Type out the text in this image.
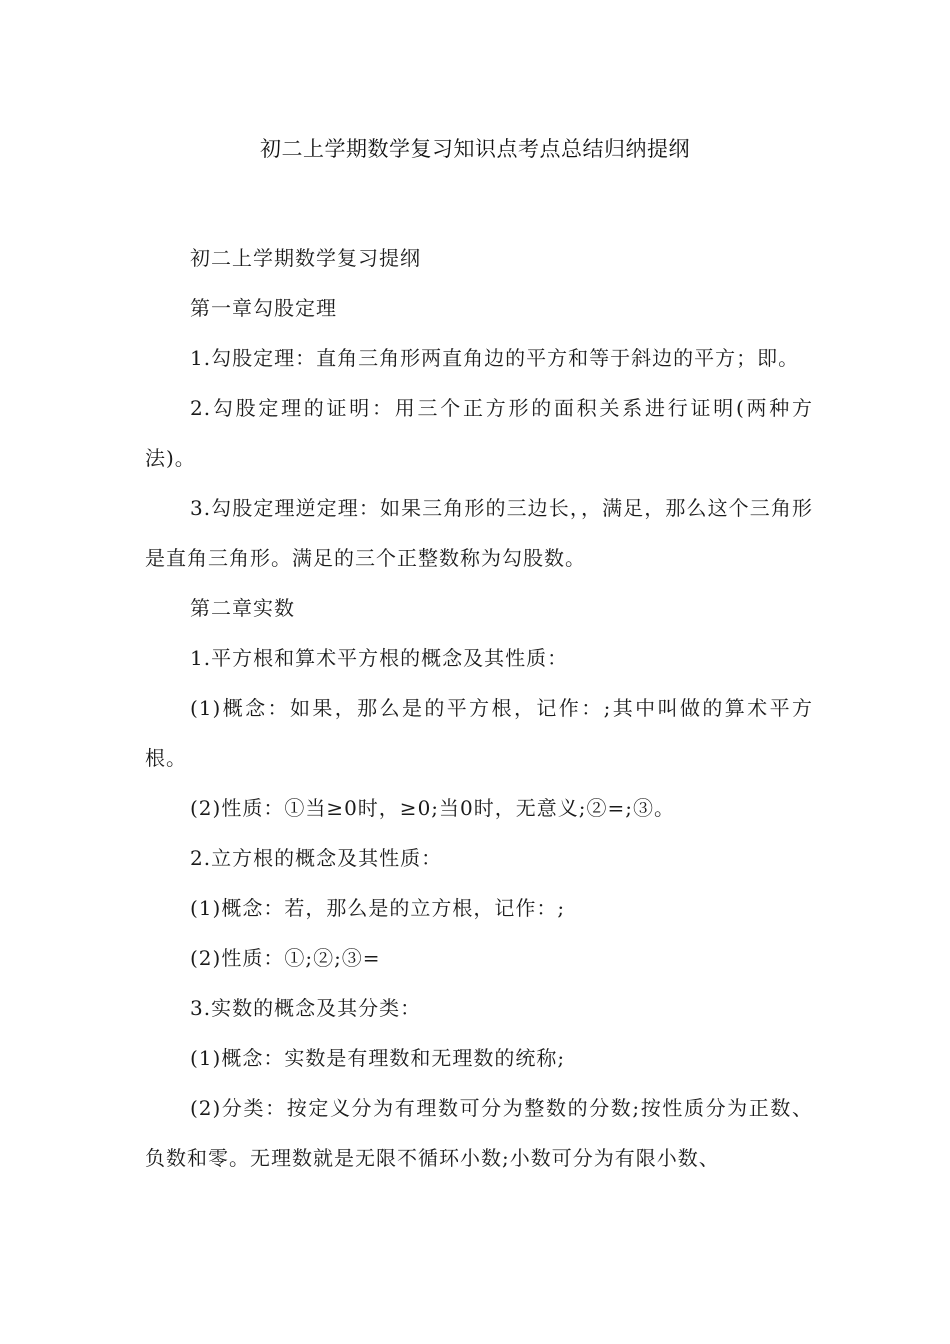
初二上学期数学复习知识点考点总结归纳提纲

初二上学期数学复习提纲

第一章勾股定理

1.勾股定理：直角三角形两直角边的平方和等于斜边的平方；即。

2.勾股定理的证明：用三个正方形的面积关系进行证明(两种方法)。

3.勾股定理逆定理：如果三角形的三边长，，满足，那么这个三角形是直角三角形。满足的三个正整数称为勾股数。

第二章实数

1.平方根和算术平方根的概念及其性质：

(1)概念：如果，那么是的平方根，记作：;其中叫做的算术平方根。

(2)性质：①当≥0时，≥0;当0时，无意义;②=;③。

2.立方根的概念及其性质：

(1)概念：若，那么是的立方根，记作：;

(2)性质：①;②;③=

3.实数的概念及其分类：

(1)概念：实数是有理数和无理数的统称;

(2)分类：按定义分为有理数可分为整数的分数;按性质分为正数、负数和零。无理数就是无限不循环小数;小数可分为有限小数、
